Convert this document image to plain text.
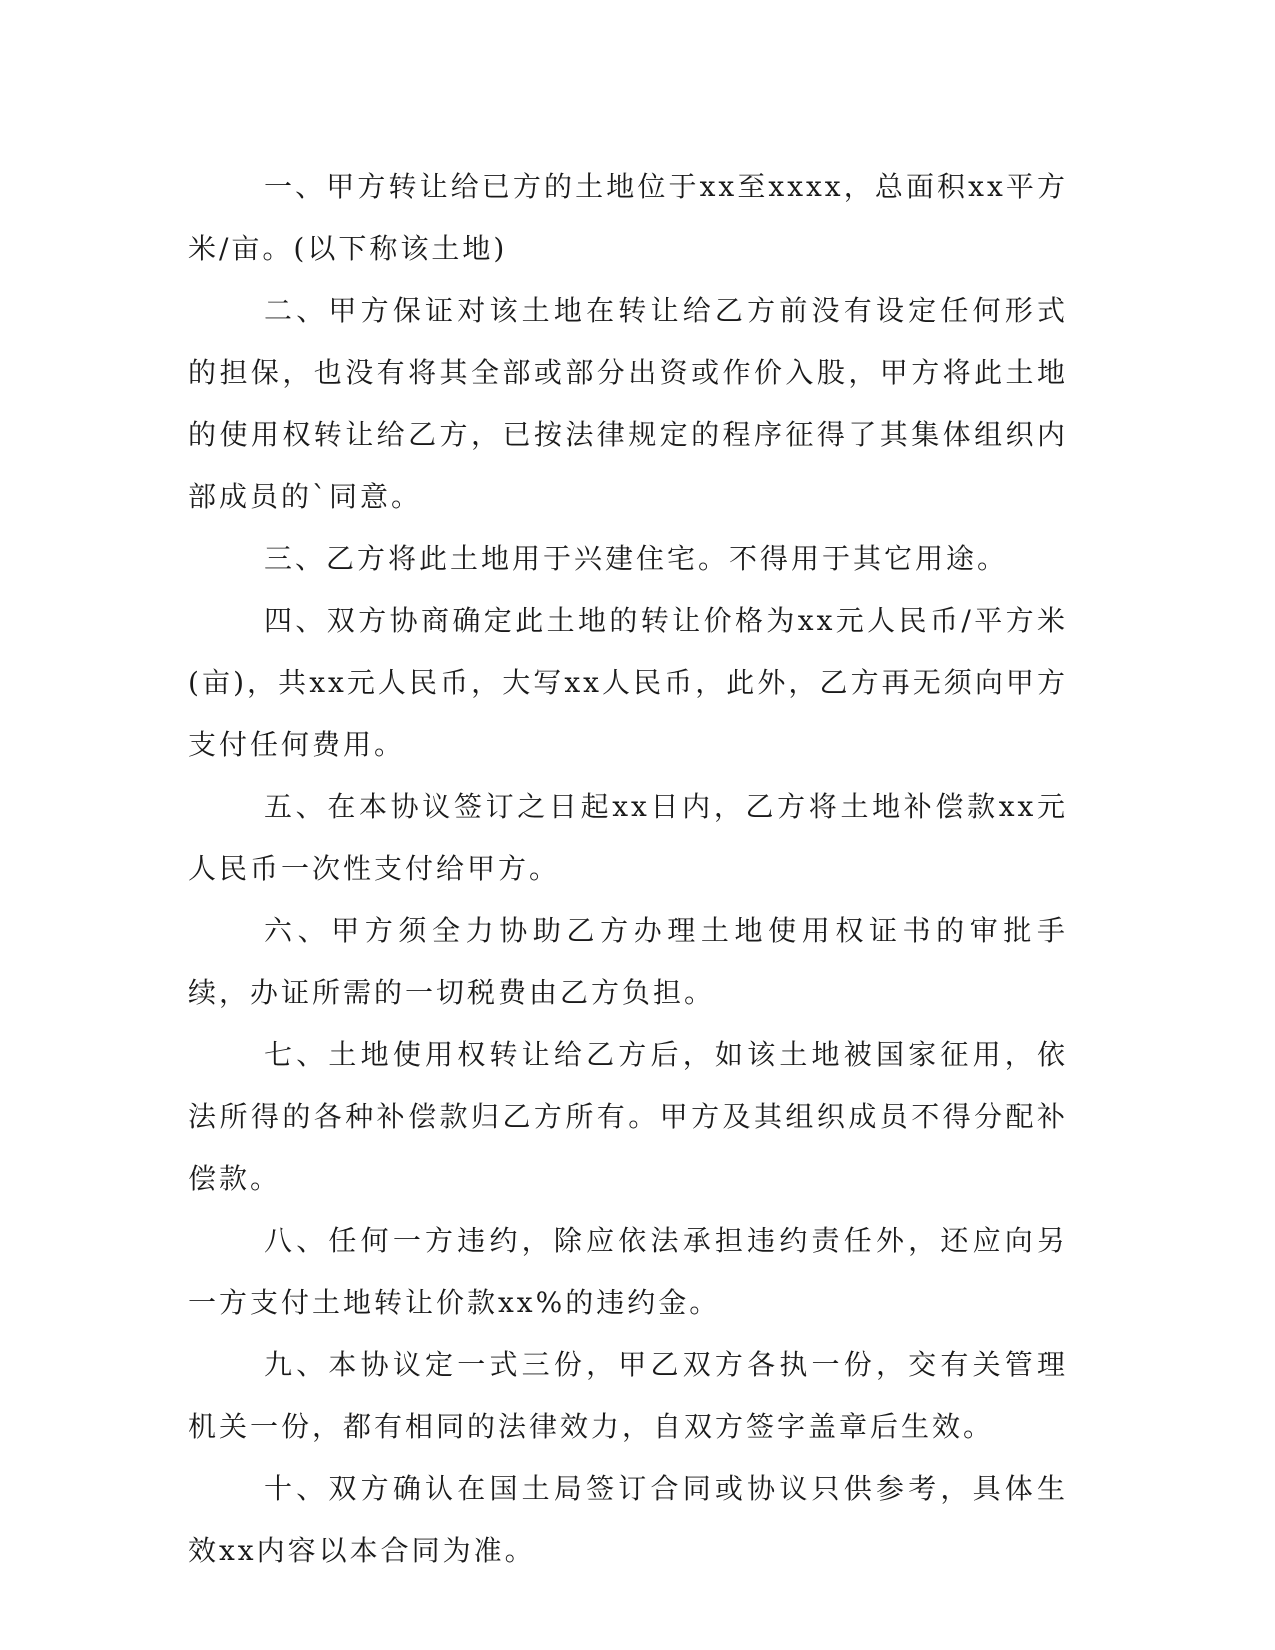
一、甲方转让给已方的土地位于xx至xxxx，总面积xx平方米/亩。(以下称该土地)

二、甲方保证对该土地在转让给乙方前没有设定任何形式的担保，也没有将其全部或部分出资或作价入股，甲方将此土地的使用权转让给乙方，已按法律规定的程序征得了其集体组织内部成员的`同意。

三、乙方将此土地用于兴建住宅。不得用于其它用途。

四、双方协商确定此土地的转让价格为xx元人民币/平方米(亩)，共xx元人民币，大写xx人民币，此外，乙方再无须向甲方支付任何费用。

五、在本协议签订之日起xx日内，乙方将土地补偿款xx元人民币一次性支付给甲方。

六、甲方须全力协助乙方办理土地使用权证书的审批手续，办证所需的一切税费由乙方负担。

七、土地使用权转让给乙方后，如该土地被国家征用，依法所得的各种补偿款归乙方所有。甲方及其组织成员不得分配补偿款。

八、任何一方违约，除应依法承担违约责任外，还应向另一方支付土地转让价款xx%的违约金。

九、本协议定一式三份，甲乙双方各执一份，交有关管理机关一份，都有相同的法律效力，自双方签字盖章后生效。

十、双方确认在国土局签订合同或协议只供参考，具体生效xx内容以本合同为准。
